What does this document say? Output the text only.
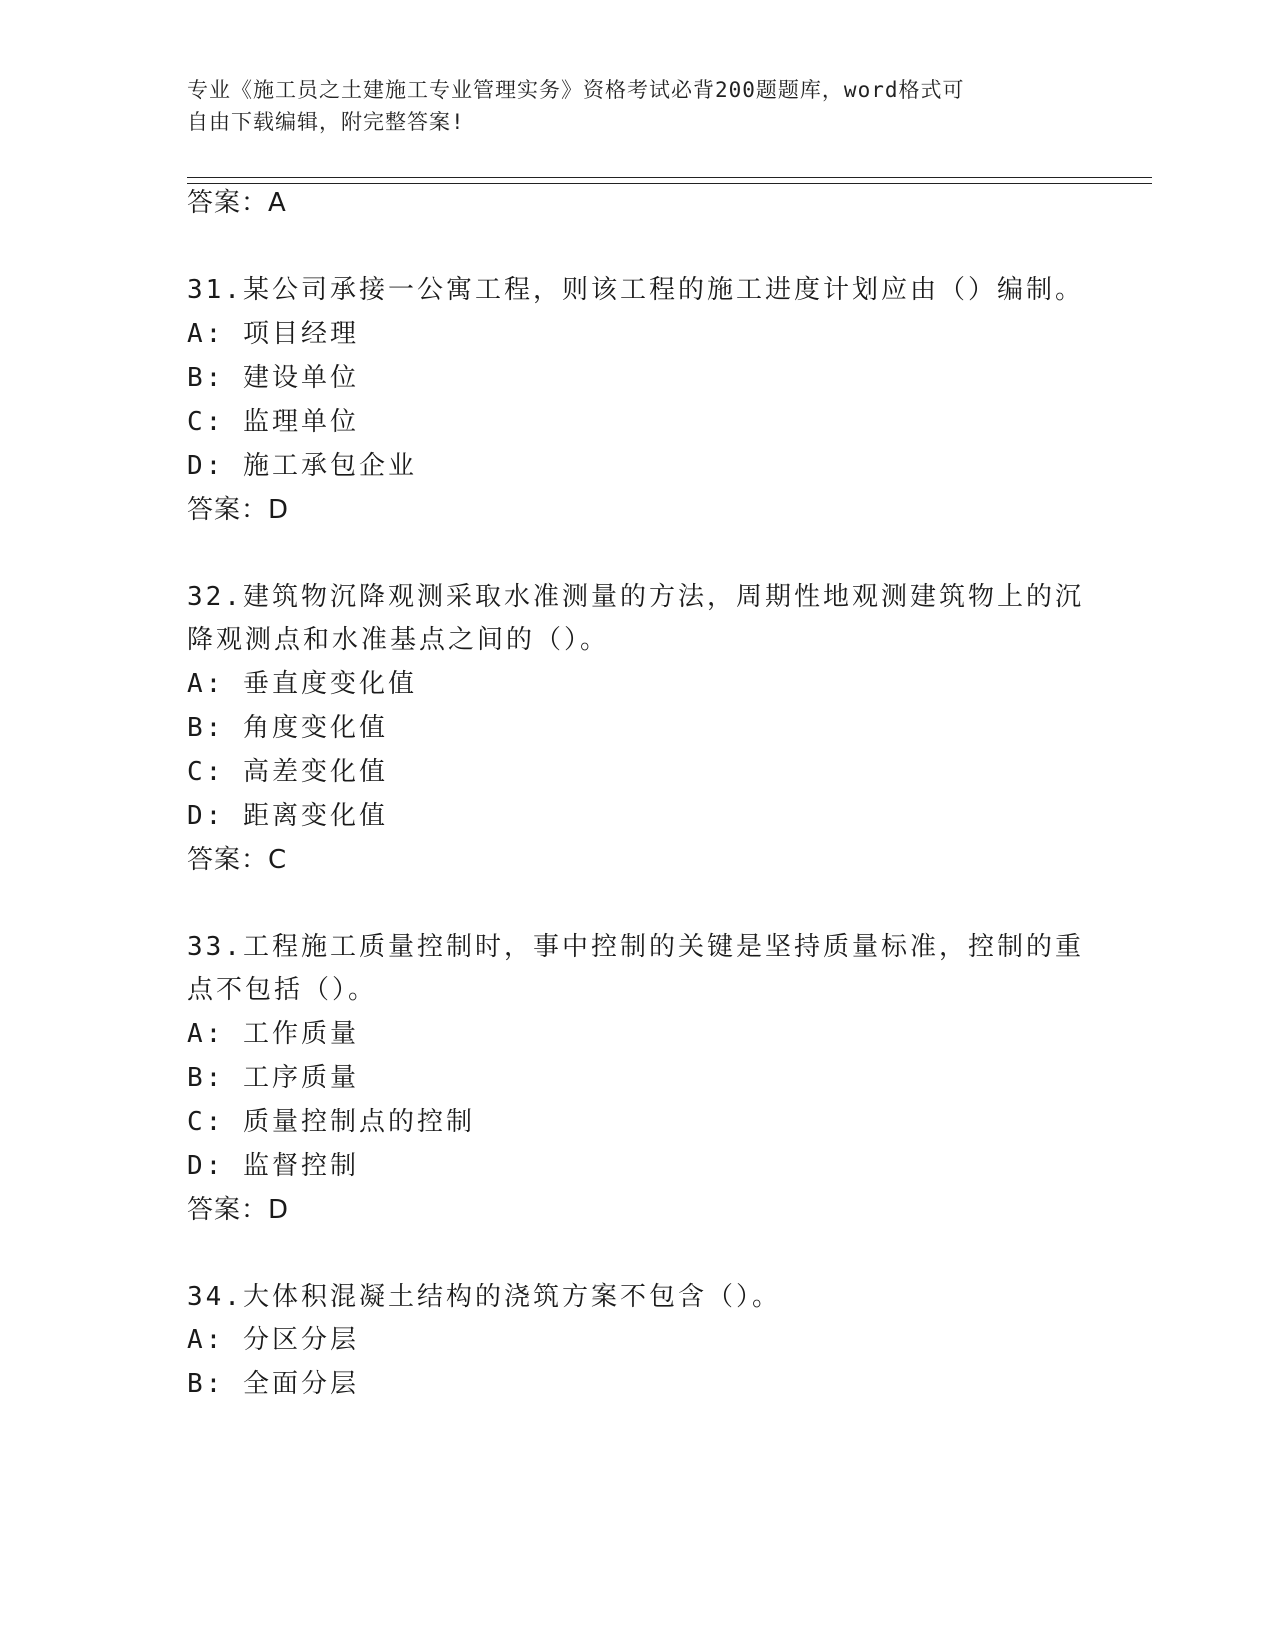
专业《施工员之土建施工专业管理实务》资格考试必背200题题库，word格式可
自由下载编辑，附完整答案!
答案：A
31.某公司承接一公寓工程，则该工程的施工进度计划应由（）编制。
A: 项目经理
B: 建设单位
C: 监理单位
D: 施工承包企业
答案：D
32.建筑物沉降观测采取水准测量的方法，周期性地观测建筑物上的沉
降观测点和水准基点之间的（）。
A: 垂直度变化值
B: 角度变化值
C: 高差变化值
D: 距离变化值
答案：C
33.工程施工质量控制时，事中控制的关键是坚持质量标准，控制的重
点不包括（）。
A: 工作质量
B: 工序质量
C: 质量控制点的控制
D: 监督控制
答案：D
34.大体积混凝土结构的浇筑方案不包含（）。
A: 分区分层
B: 全面分层
